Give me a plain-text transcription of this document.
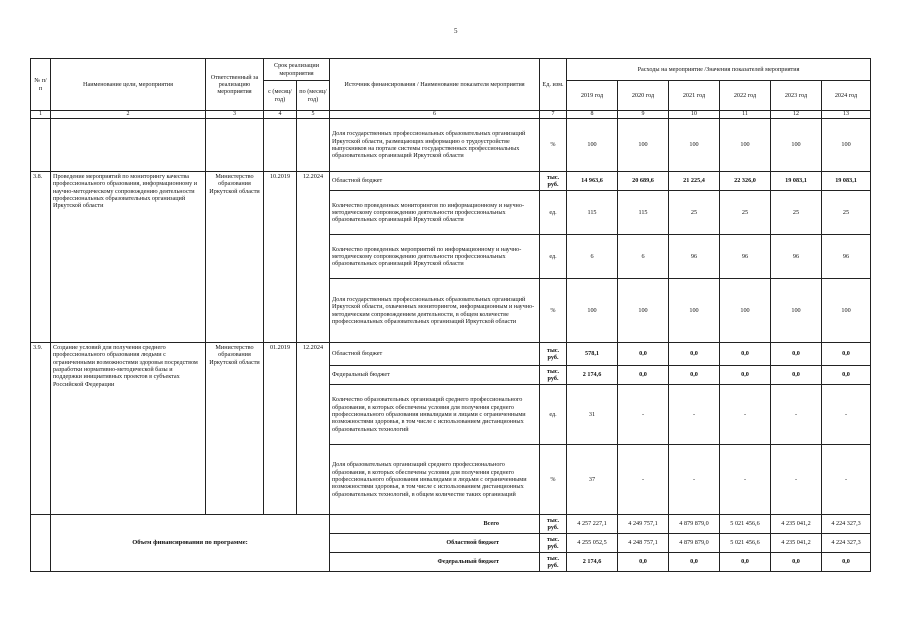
5
№ п/п	Наименование цели, мероприятия	Ответственный за реализацию мероприятия	Срок реализации мероприятия		Источник финансирования / Наименование показателя мероприятия	Ед. изм.	Расходы на мероприятие /Значения показателей мероприятия					
			с (месяц/год)	по (месяц/год)			2019 год	2020 год	2021 год	2022 год	2023 год	2024 год
1	2	3	4	5	6	7	8	9	10	11	12	13
					Доля государственных профессиональных образовательных организаций Иркутской области, размещающих информацию о трудоустройстве выпускников на портале системы государственных профессиональных образовательных организаций Иркутской области	%	100	100	100	100	100	100
3.8.	Проведение мероприятий по мониторингу качества профессионального образования, информационному и научно-методическому сопровождению деятельности профессиональных образовательных организаций Иркутской области	Министерство образования Иркутской области	10.2019	12.2024	Областной бюджет	тыс. руб.	14 963,6	20 689,6	21 225,4	22 326,0	19 083,1	19 083,1
					Количество проведенных мониторингов по информационному и научно-методическому сопровождению деятельности профессиональных образовательных организаций Иркутской области	ед.	115	115	25	25	25	25
					Количество проведенных мероприятий по информационному и научно-методическому сопровождению деятельности профессиональных образовательных организаций Иркутской области	ед.	6	6	96	96	96	96
					Доля государственных профессиональных образовательных организаций Иркутской области, охваченных мониторингом, информационным и научно-методическим сопровождением деятельности, в общем количестве профессиональных образовательных организаций Иркутской области	%	100	100	100	100	100	100
3.9.	Создание условий для получения среднего профессионального образования людьми с ограниченными возможностями здоровья посредством разработки нормативно-методической базы и поддержки инициативных проектов в субъектах Российской Федерации	Министерство образования Иркутской области	01.2019	12.2024	Областной бюджет	тыс. руб.	578,1	0,0	0,0	0,0	0,0	0,0
					Федеральный бюджет	тыс. руб.	2 174,6	0,0	0,0	0,0	0,0	0,0
					Количество образовательных организаций среднего профессионального образования, в которых обеспечены условия для получения среднего профессионального образования инвалидами и лицами с ограниченными возможностями здоровья, в том числе с использованием дистанционных образовательных технологий	ед.	31	-	-	-	-	-
					Доля образовательных организаций среднего профессионального образования, в которых обеспечены условия для получения среднего профессионального образования инвалидами и людьми с ограниченными возможностями здоровья, в том числе с использованием дистанционных образовательных технологий, в общем количестве таких организаций	%	37	-	-	-	-	-
	Объем финансирования по программе:				Всего	тыс. руб.	4 257 227,1	4 249 757,1	4 879 879,0	5 021 456,6	4 235 041,2	4 224 327,3
					Областной бюджет	тыс. руб.	4 255 052,5	4 248 757,1	4 879 879,0	5 021 456,6	4 235 041,2	4 224 327,3
					Федеральный бюджет	тыс. руб.	2 174,6	0,0	0,0	0,0	0,0	0,0
